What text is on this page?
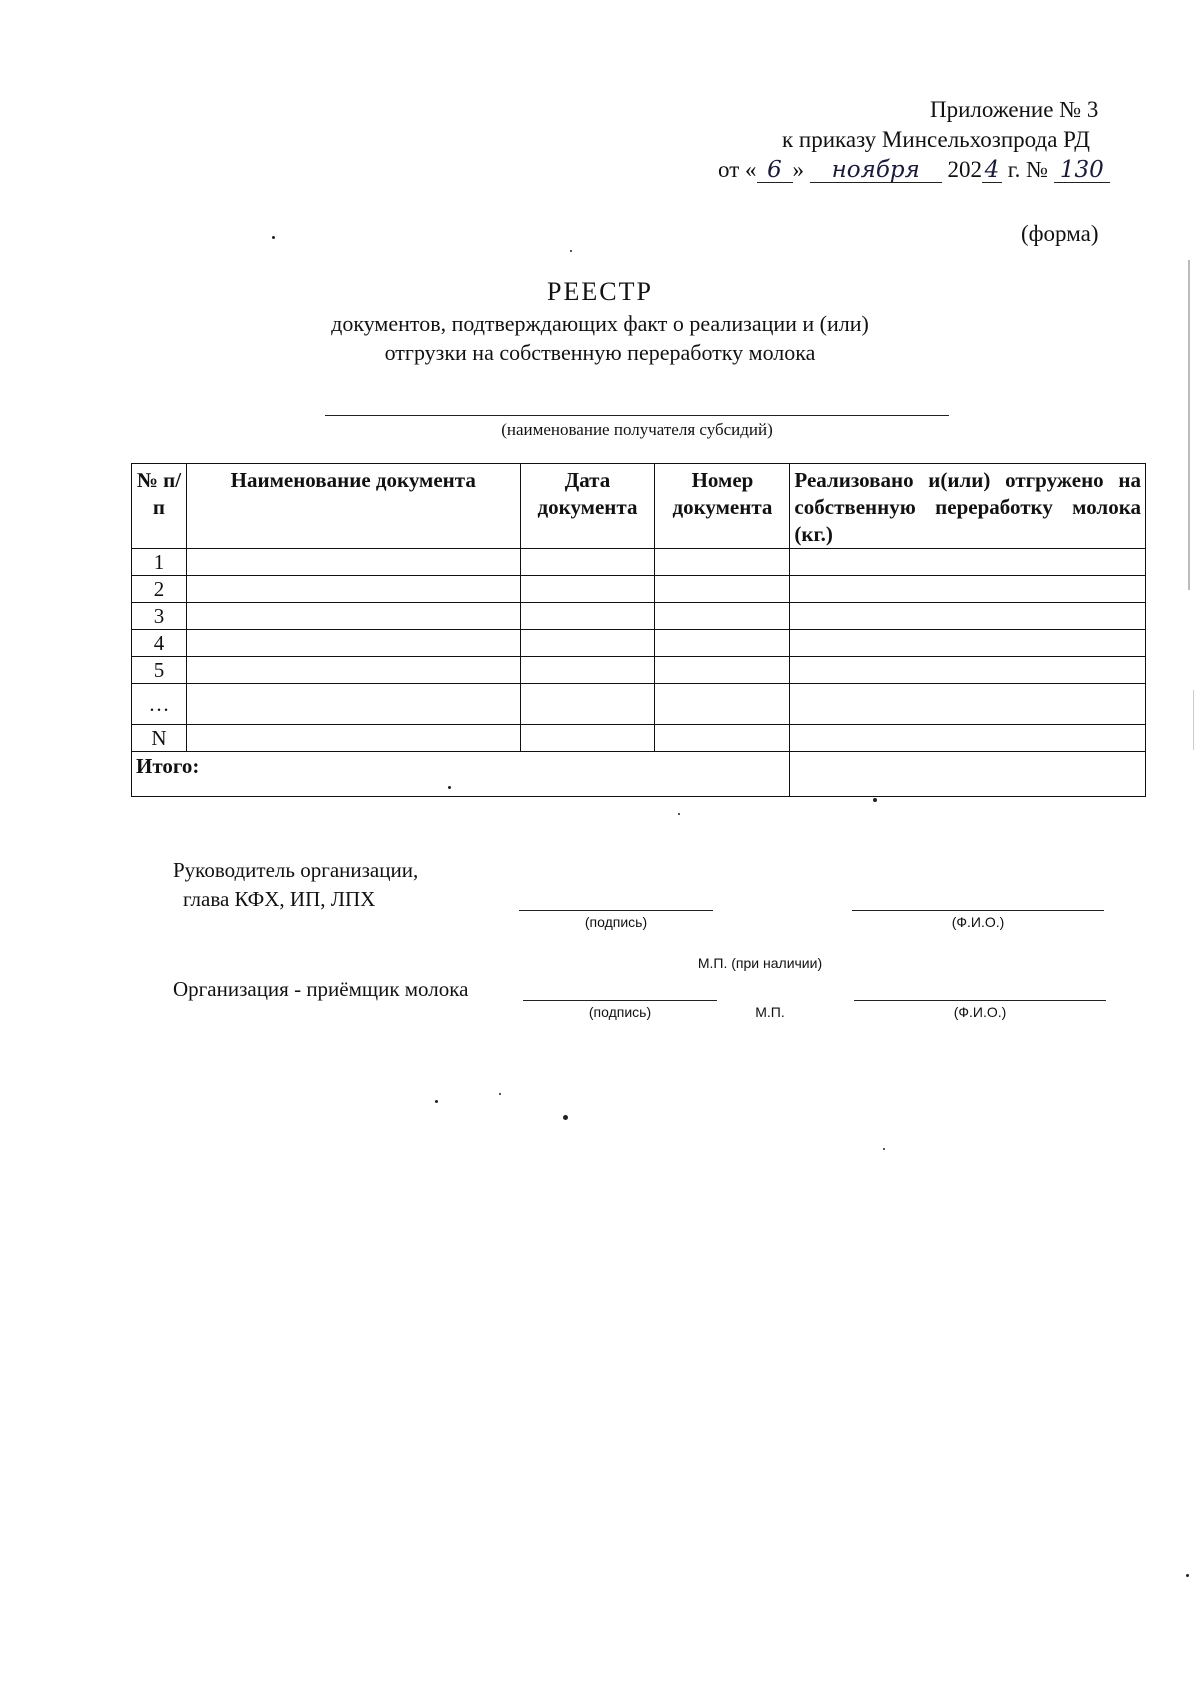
Приложение № 3
к приказу Минсельхозпрода РД
от « 6 » ноября 202 4 г. № 130
(форма)
РЕЕСТР
документов, подтверждающих факт о реализации и (или)
отгрузки на собственную переработку молока
(наименование получателя субсидий)
№ п/п	Наименование документа	Дата документа	Номер документа	Реализовано и(или) отгружено на собственную переработку молока (кг.)
1				
2				
3				
4				
5				
…				
N				
Итого:				
Руководитель организации,
глава КФХ, ИП, ЛПХ
(подпись)	(Ф.И.О.)
М.П. (при наличии)
Организация - приёмщик молока
(подпись)	М.П.	(Ф.И.О.)
